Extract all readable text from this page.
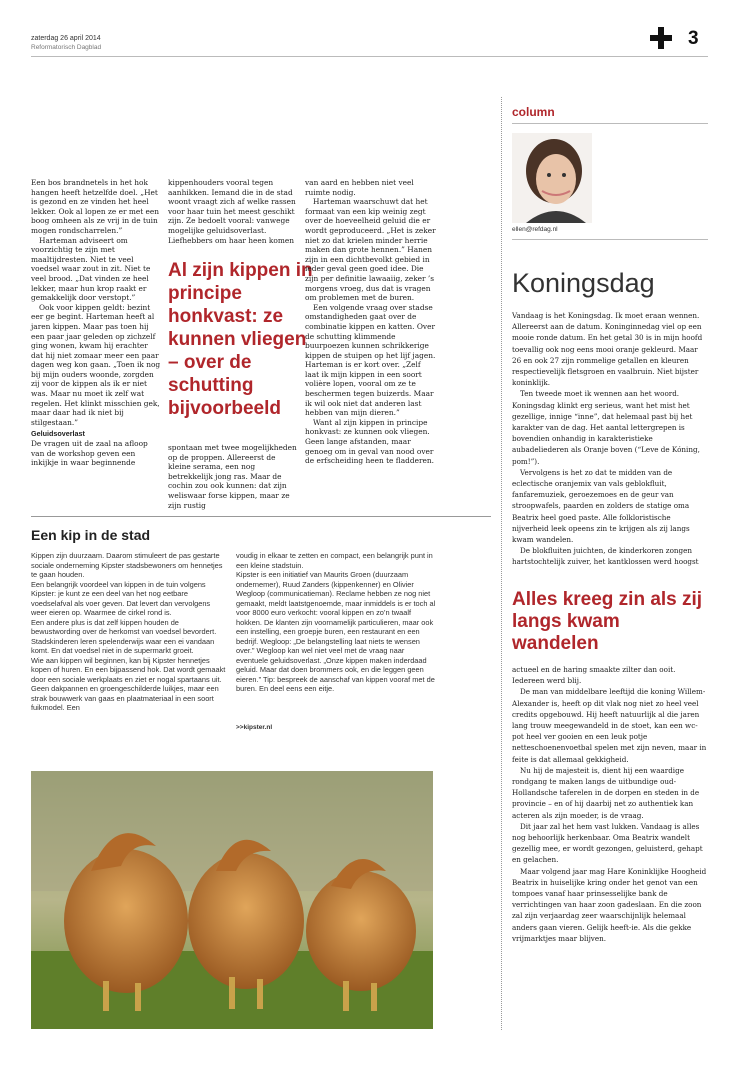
zaterdag 26 april 2014
Reformatorisch Dagblad	3

Een bos brandnetels in het hok hangen heeft hetzelfde doel. „Het is gezond en ze vinden het heel lekker. Ook al lopen ze er met een boog omheen als ze vrij in de tuin mogen rondscharrelen.”

Harteman adviseert om voorzichtig te zijn met maaltijdresten. Niet te veel voedsel waar zout in zit. Niet te veel brood. „Dat vinden ze heel lekker, maar hun krop raakt er gemakkelijk door verstopt.”

Ook voor kippen geldt: bezint eer ge begint. Harteman heeft al jaren kippen. Maar pas toen hij een paar jaar geleden op zichzelf ging wonen, kwam hij erachter dat hij niet zomaar meer een paar dagen weg kon gaan. „Toen ik nog bij mijn ouders woonde, zorgden zij voor de kippen als ik er niet was. Maar nu moet ik zelf wat regelen. Het klinkt misschien gek, maar daar had ik niet bij stilgestaan.”

Geluidsoverlast

De vragen uit de zaal na afloop van de workshop geven een inkijkje in waar beginnende

kippenhouders vooral tegen aanhikken. Iemand die in de stad woont vraagt zich af welke rassen voor haar tuin het meest geschikt zijn. Ze bedoelt vooral: vanwege mogelijke geluidsoverlast. Liefhebbers om haar heen komen

Al zijn kippen in principe honkvast: ze kunnen vliegen – over de schutting bijvoorbeeld

spontaan met twee mogelijkheden op de proppen. Allereerst de kleine serama, een nog betrekkelijk jong ras. Maar de cochin zou ook kunnen: dat zijn weliswaar forse kippen, maar ze zijn rustig

van aard en hebben niet veel ruimte nodig.

Harteman waarschuwt dat het formaat van een kip weinig zegt over de hoeveelheid geluid die er wordt geproduceerd. „Het is zeker niet zo dat krielen minder herrie maken dan grote hennen.” Hanen zijn in een dichtbevolkt gebied in ieder geval geen goed idee. Die zijn per definitie lawaaiig, zeker ’s morgens vroeg, dus dat is vragen om problemen met de buren.

Een volgende vraag over stadse omstandigheden gaat over de combinatie kippen en katten. Over de schutting klimmende buurpoezen kunnen schrikkerige kippen de stuipen op het lijf jagen. Harteman is er kort over. „Zelf laat ik mijn kippen in een soort volière lopen, vooral om ze te beschermen tegen buizerds. Maar ik wil ook niet dat anderen last hebben van mijn dieren.”

Want al zijn kippen in principe honkvast: ze kunnen ook vliegen. Geen lange afstanden, maar genoeg om in geval van nood over de erfscheiding heen te fladderen.

Een kip in de stad

Kippen zijn duurzaam. Daarom stimuleert de pas gestarte sociale onderneming Kipster stadsbewoners om hennetjes te gaan houden.

Een belangrijk voordeel van kippen in de tuin volgens Kipster: je kunt ze een deel van het nog eetbare voedselafval als voer geven. Dat levert dan vervolgens weer eieren op. Waarmee de cirkel rond is.

Een andere plus is dat zelf kippen houden de bewustwording over de herkomst van voedsel bevordert. Stadskinderen leren spelenderwijs waar een ei vandaan komt. En dat voedsel niet in de supermarkt groeit.

Wie aan kippen wil beginnen, kan bij Kipster hennetjes kopen of huren. En een bijpassend hok. Dat wordt gemaakt door een sociale werkplaats en ziet er nogal spartaans uit. Geen dakpannen en groengeschilderde luikjes, maar een strak bouwwerk van gaas en plaatmateriaal in een soort fuikmodel. Een

voudig in elkaar te zetten en compact, een belangrijk punt in een kleine stadstuin.

Kipster is een initiatief van Maurits Groen (duurzaam ondernemer), Ruud Zanders (kippenkenner) en Olivier Wegloop (communicatieman). Reclame hebben ze nog niet gemaakt, meldt laatstgenoemde, maar inmiddels is er toch al voor 8000 euro verkocht: vooral kippen en zo’n twaalf hokken. De klanten zijn voornamelijk particulieren, maar ook een instelling, een groepje buren, een restaurant en een bedrijf. Wegloop: „De belangstelling laat niets te wensen over.” Wegloop kan wel niet veel met de vraag naar eventuele geluidsoverlast. „Onze kippen maken inderdaad geluid. Maar dat doen brommers ook, en die leggen geen eieren.” Tip: bespreek de aanschaf van kippen vooraf met de buren. En deel eens een eitje.

>>kipster.nl
column
ellen@refdag.nl
Koningsdag

Vandaag is het Koningsdag. Ik moet eraan wennen. Allereerst aan de datum. Koninginnedag viel op een mooie ronde datum. En het getal 30 is in mijn hoofd toevallig ook nog eens mooi oranje gekleurd. Maar 26 en ook 27 zijn rommelige getallen en kleuren respectievelijk fletsgroen en vaalbruin. Niet bijster koninklijk.

Ten tweede moet ik wennen aan het woord. Koningsdag klinkt erg serieus, want het mist het gezellige, innige “inne”, dat helemaal past bij het karakter van de dag. Het aantal lettergrepen is bovendien onhandig in karakteristieke aubadeliederen als Oranje boven (“Leve de Kóning, pom!”).

Vervolgens is het zo dat te midden van de eclectische oranjemix van vals geblokfluit, fanfaremuziek, geroezemoes en de geur van stroopwafels, paarden en zolders de statige oma Beatrix heel goed paste. Alle folkloristische nijverheid leek opeens zin te krijgen als zij langs kwam wandelen.

De blokfluiten juichten, de kinderkoren zongen hartstochtelijk zuiver, het kantklossen werd hoogst

Alles kreeg zin als zij langs kwam wandelen

actueel en de haring smaakte zilter dan ooit. Iedereen werd blij.

De man van middelbare leeftijd die koning Willem-Alexander is, heeft op dit vlak nog niet zo heel veel credits opgebouwd. Hij heeft natuurlijk al die jaren lang trouw meegewandeld in de stoet, kan een wc-pot heel ver gooien en een leuk potje netteschoenenvoetbal spelen met zijn neven, maar in feite is dat allemaal gekkigheid.

Nu hij de majesteit is, dient hij een waardige rondgang te maken langs de uitbundige oud-Hollandsche taferelen in de dorpen en steden in de provincie – en of hij daarbij net zo authentiek kan acteren als zijn moeder, is de vraag.

Dit jaar zal het hem vast lukken. Vandaag is alles nog behoorlijk herkenbaar. Oma Beatrix wandelt gezellig mee, er wordt gezongen, geluisterd, gehapt en gelachen.

Maar volgend jaar mag Hare Koninklijke Hoogheid Beatrix in huiselijke kring onder het genot van een tompoes vanaf haar prinsesselijke bank de verrichtingen van haar zoon gadeslaan. En die zoon zal zijn verjaardag zeer waarschijnlijk helemaal anders gaan vieren. Gelijk heeft-ie. Als die gekke vrijmarktjes maar blijven.
